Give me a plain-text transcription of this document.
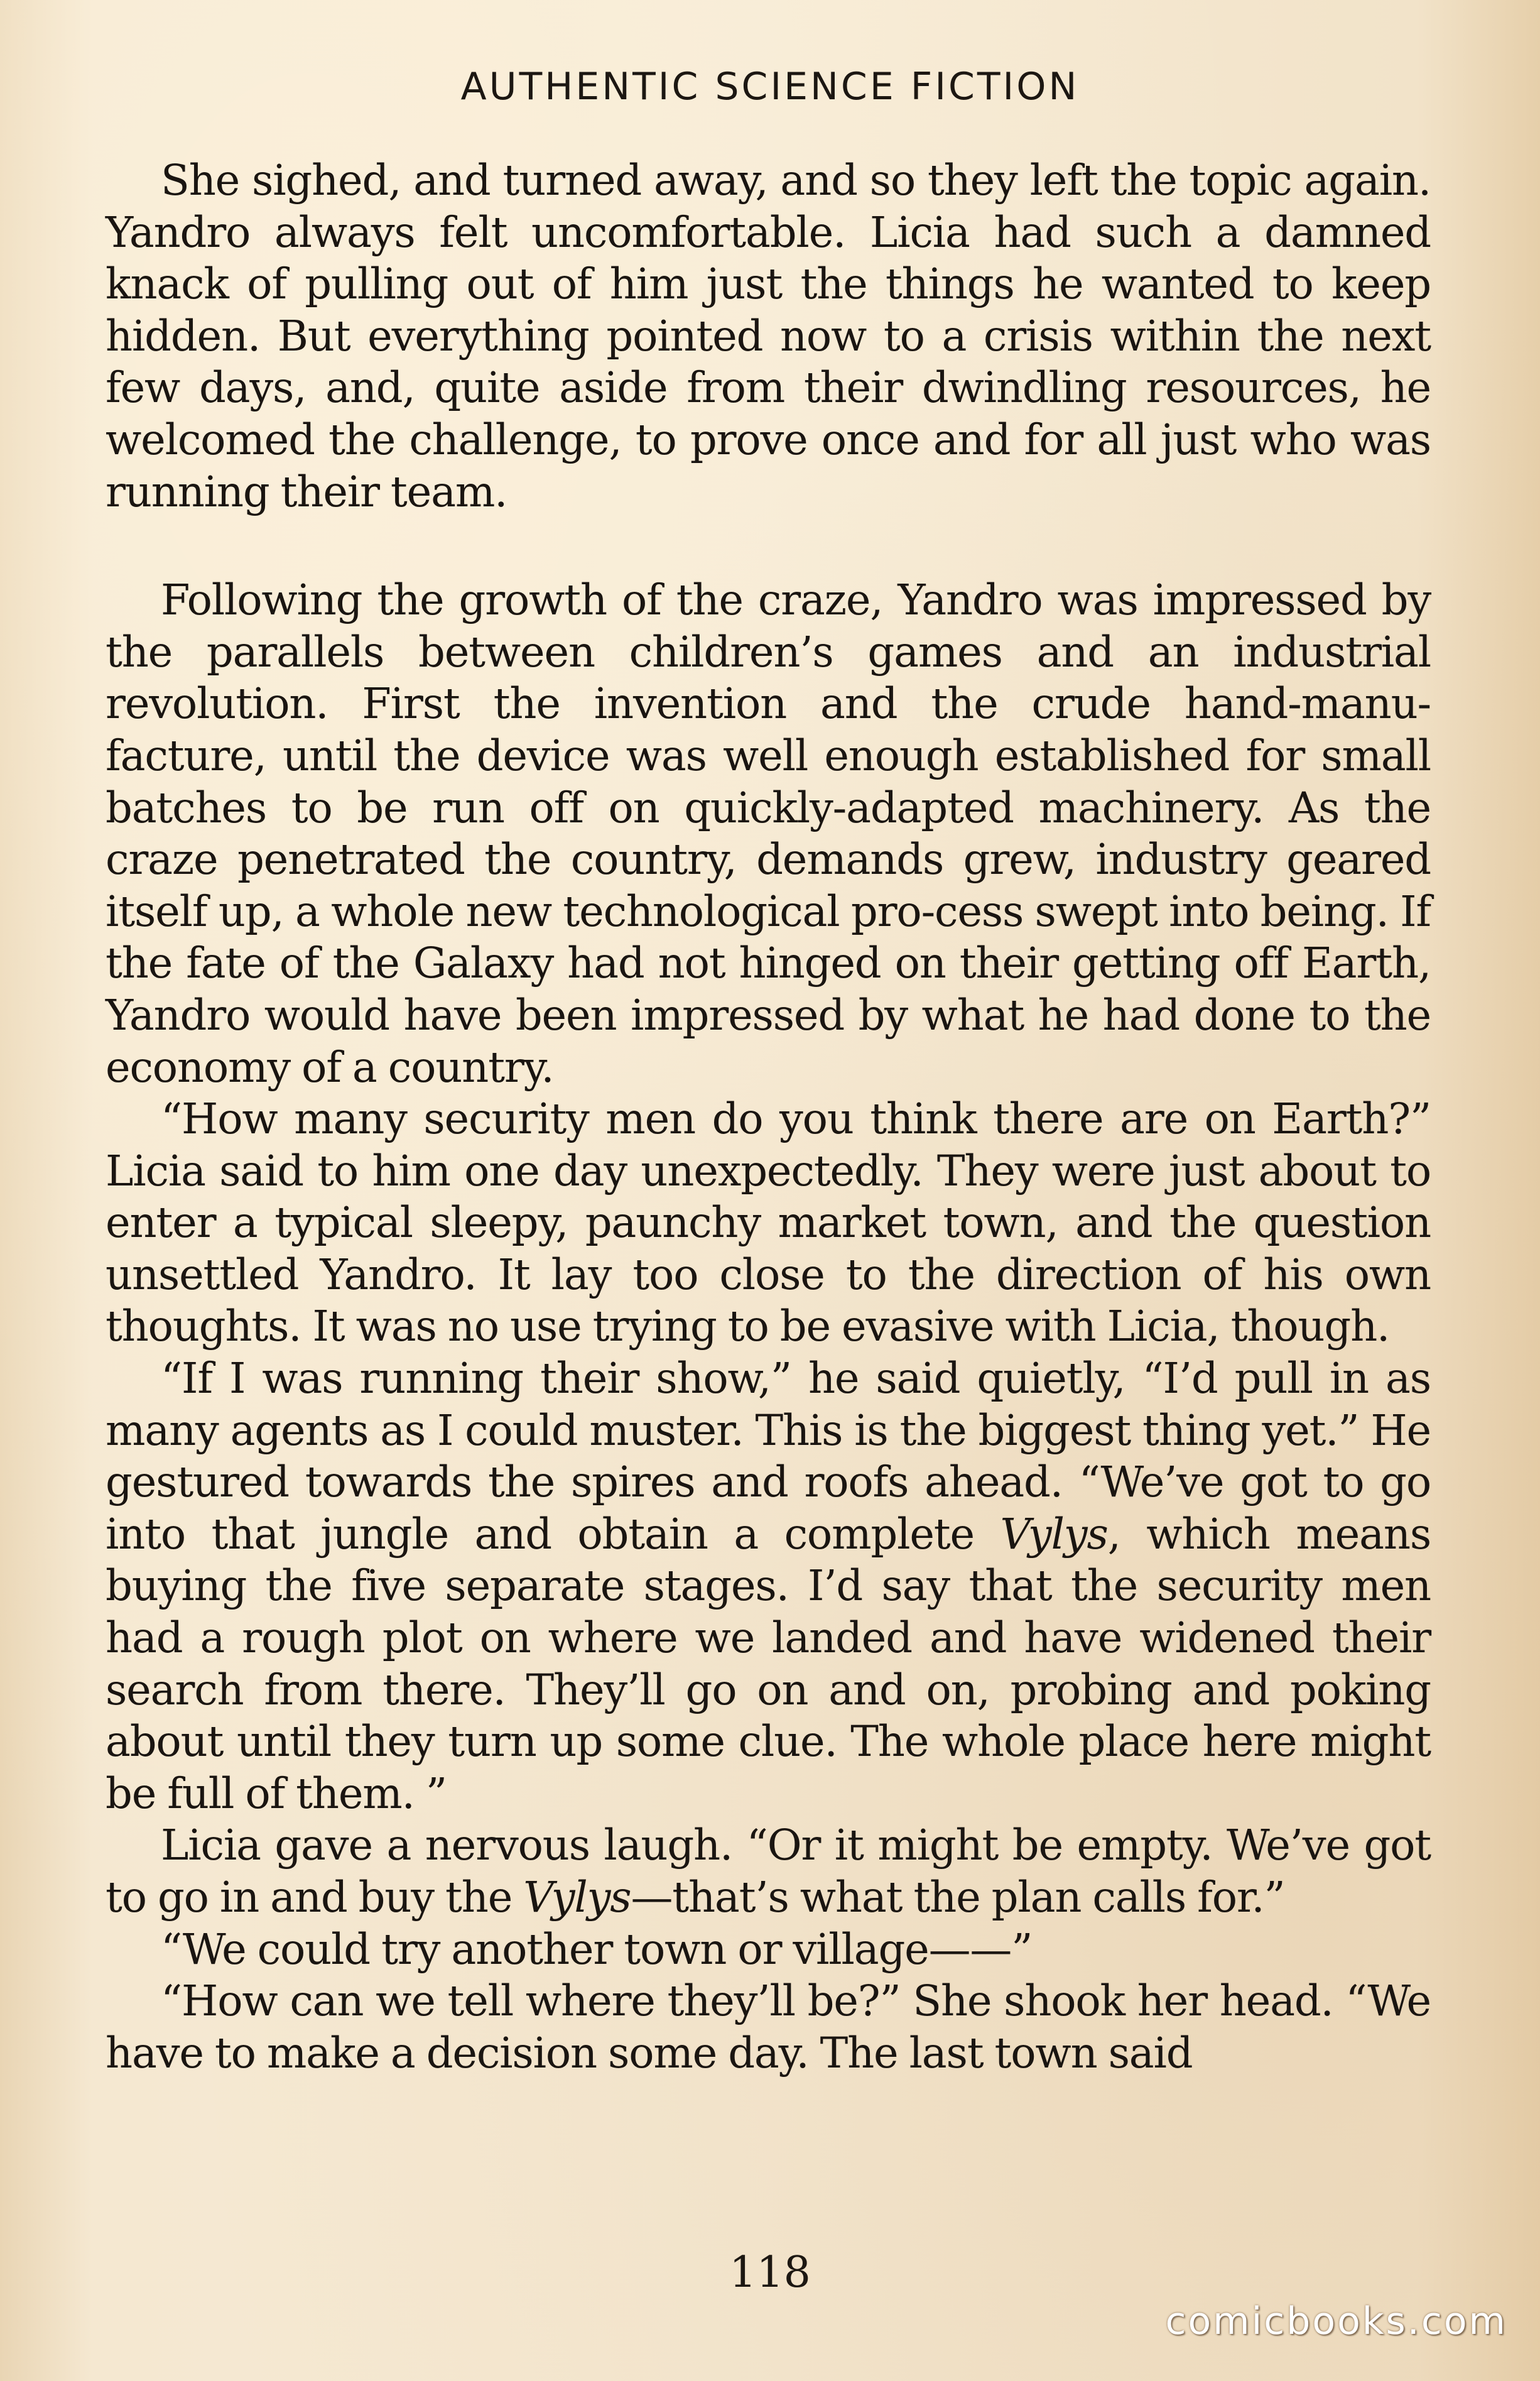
AUTHENTIC SCIENCE FICTION

She sighed, and turned away, and so they left the topic again. Yandro always felt uncomfortable. Licia had such a damned knack of pulling out of him just the things he wanted to keep hidden. But everything pointed now to a crisis within the next few days, and, quite aside from their dwindling resources, he welcomed the challenge, to prove once and for all just who was running their team.

Following the growth of the craze, Yandro was impressed by the parallels between children’s games and an industrial revolution. First the invention and the crude hand-manu-facture, until the device was well enough established for small batches to be run off on quickly-adapted machinery. As the craze penetrated the country, demands grew, industry geared itself up, a whole new technological pro-cess swept into being. If the fate of the Galaxy had not hinged on their getting off Earth, Yandro would have been impressed by what he had done to the economy of a country.

“How many security men do you think there are on Earth?” Licia said to him one day unexpectedly. They were just about to enter a typical sleepy, paunchy market town, and the question unsettled Yandro. It lay too close to the direction of his own thoughts. It was no use trying to be evasive with Licia, though.

“If I was running their show,” he said quietly, “I’d pull in as many agents as I could muster. This is the biggest thing yet.” He gestured towards the spires and roofs ahead. “We’ve got to go into that jungle and obtain a complete Vylys, which means buying the five separate stages. I’d say that the security men had a rough plot on where we landed and have widened their search from there. They’ll go on and on, probing and poking about until they turn up some clue. The whole place here might be full of them. ”

Licia gave a nervous laugh. “Or it might be empty. We’ve got to go in and buy the Vylys—that’s what the plan calls for.”

“We could try another town or village——”

“How can we tell where they’ll be?” She shook her head. “We have to make a decision some day. The last town said

118
comicbooks.com
